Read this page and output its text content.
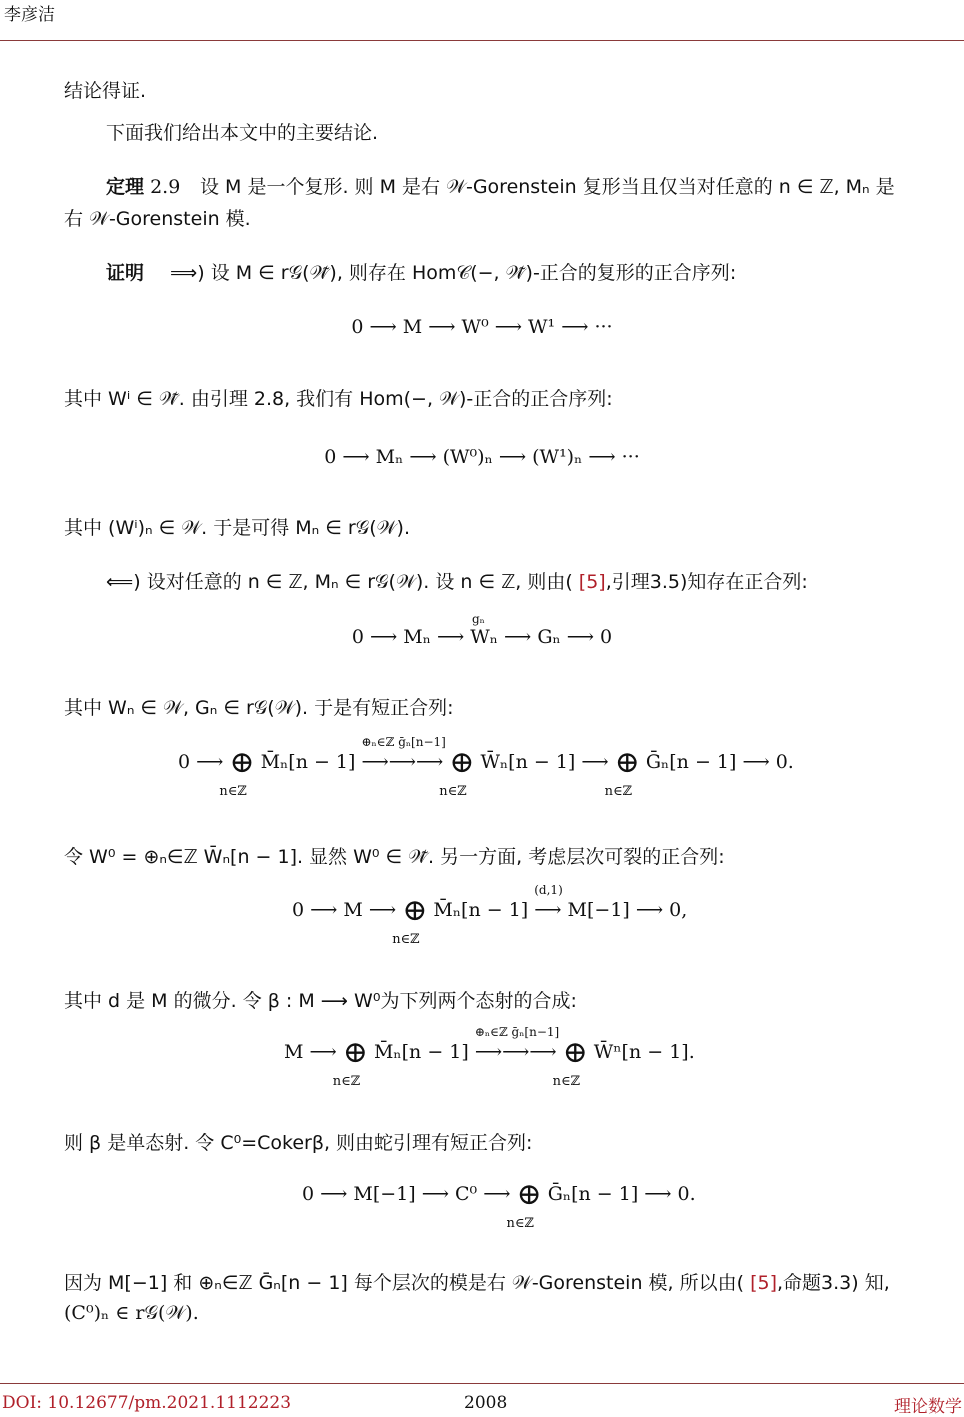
李彦洁
结论得证.
下面我们给出本文中的主要结论.
定理 2.9 设 M 是一个复形. 则 M 是右 𝒲-Gorenstein 复形当且仅当对任意的 n ∈ ℤ, Mₙ 是
右 𝒲-Gorenstein 模.
证明 ⟹) 设 M ∈ r𝒢(𝒲̃), 则存在 Hom𝒞(−, 𝒲̃)-正合的复形的正合序列:
0 ⟶ M ⟶ W⁰ ⟶ W¹ ⟶ ···
其中 Wⁱ ∈ 𝒲̃. 由引理 2.8, 我们有 Hom(−, 𝒲)-正合的正合序列:
0 ⟶ Mₙ ⟶ (W⁰)ₙ ⟶ (W¹)ₙ ⟶ ···
其中 (Wⁱ)ₙ ∈ 𝒲. 于是可得 Mₙ ∈ r𝒢(𝒲).
⟸) 设对任意的 n ∈ ℤ, Mₙ ∈ r𝒢(𝒲). 设 n ∈ ℤ, 则由( [5],引理3.5)知存在正合列:
0 ⟶ Mₙ ⟶ Wₙ ⟶ Gₙ ⟶ 0
gₙ
其中 Wₙ ∈ 𝒲, Gₙ ∈ r𝒢(𝒲). 于是有短正合列:
0 ⟶ ⊕
n∈ℤ
M̄ₙ[n − 1]
⊕ₙ∈ℤ ḡₙ[n−1]
⟶⟶⟶ ⊕
n∈ℤ
W̄ₙ[n − 1] ⟶ ⊕
n∈ℤ
Ḡₙ[n − 1] ⟶ 0.
令 W⁰ = ⊕ₙ∈ℤ W̄ₙ[n − 1]. 显然 W⁰ ∈ 𝒲̃. 另一方面, 考虑层次可裂的正合列:
0 ⟶ M ⟶ ⊕
n∈ℤ
M̄ₙ[n − 1]
(d,1)
⟶ M[−1] ⟶ 0,
其中 d 是 M 的微分. 令 β : M ⟶ W⁰为下列两个态射的合成:
M ⟶ ⊕
n∈ℤ
M̄ₙ[n − 1]
⊕ₙ∈ℤ ḡₙ[n−1]
⟶⟶⟶ ⊕
n∈ℤ
W̄ⁿ[n − 1].
则 β 是单态射. 令 C⁰=Cokerβ, 则由蛇引理有短正合列:
0 ⟶ M[−1] ⟶ C⁰ ⟶ ⊕
n∈ℤ
Ḡₙ[n − 1] ⟶ 0.
因为 M[−1] 和 ⊕ₙ∈ℤ Ḡₙ[n − 1] 每个层次的模是右 𝒲-Gorenstein 模, 所以由( [5],命题3.3) 知,
(C⁰)ₙ ∈ r𝒢(𝒲).
DOI: 10.12677/pm.2021.1112223	2008	理论数学
